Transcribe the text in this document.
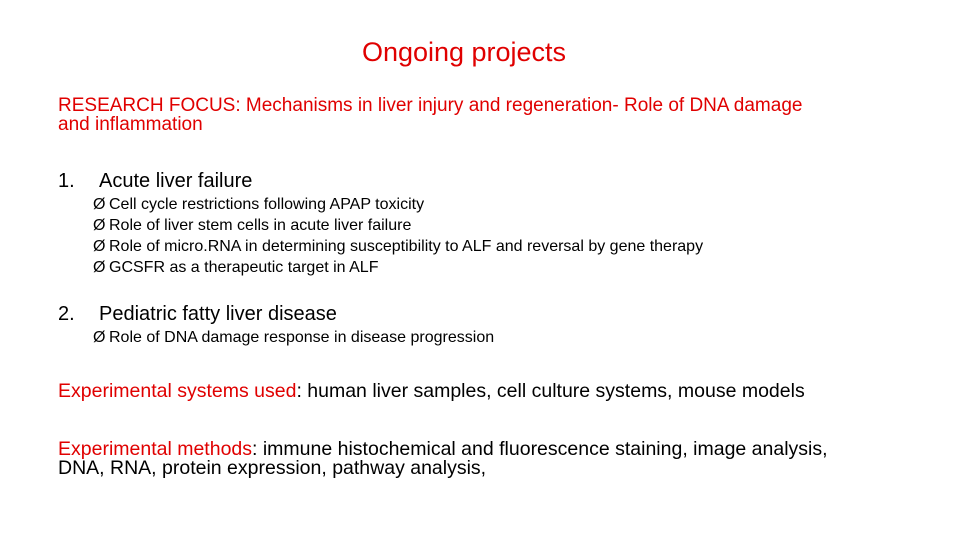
Ongoing projects
RESEARCH FOCUS: Mechanisms in liver injury and regeneration- Role of DNA damage
and inflammation
1. Acute liver failure
Ø Cell cycle restrictions following APAP toxicity
Ø Role of liver stem cells in acute liver failure
Ø Role of micro.RNA in determining susceptibility to ALF and reversal by gene therapy
Ø GCSFR as a therapeutic target in ALF
2. Pediatric fatty liver disease
Ø Role of DNA damage response in disease progression
Experimental systems used: human liver samples, cell culture systems, mouse models
Experimental methods: immune histochemical and fluorescence staining, image analysis,
DNA, RNA, protein expression, pathway analysis,
